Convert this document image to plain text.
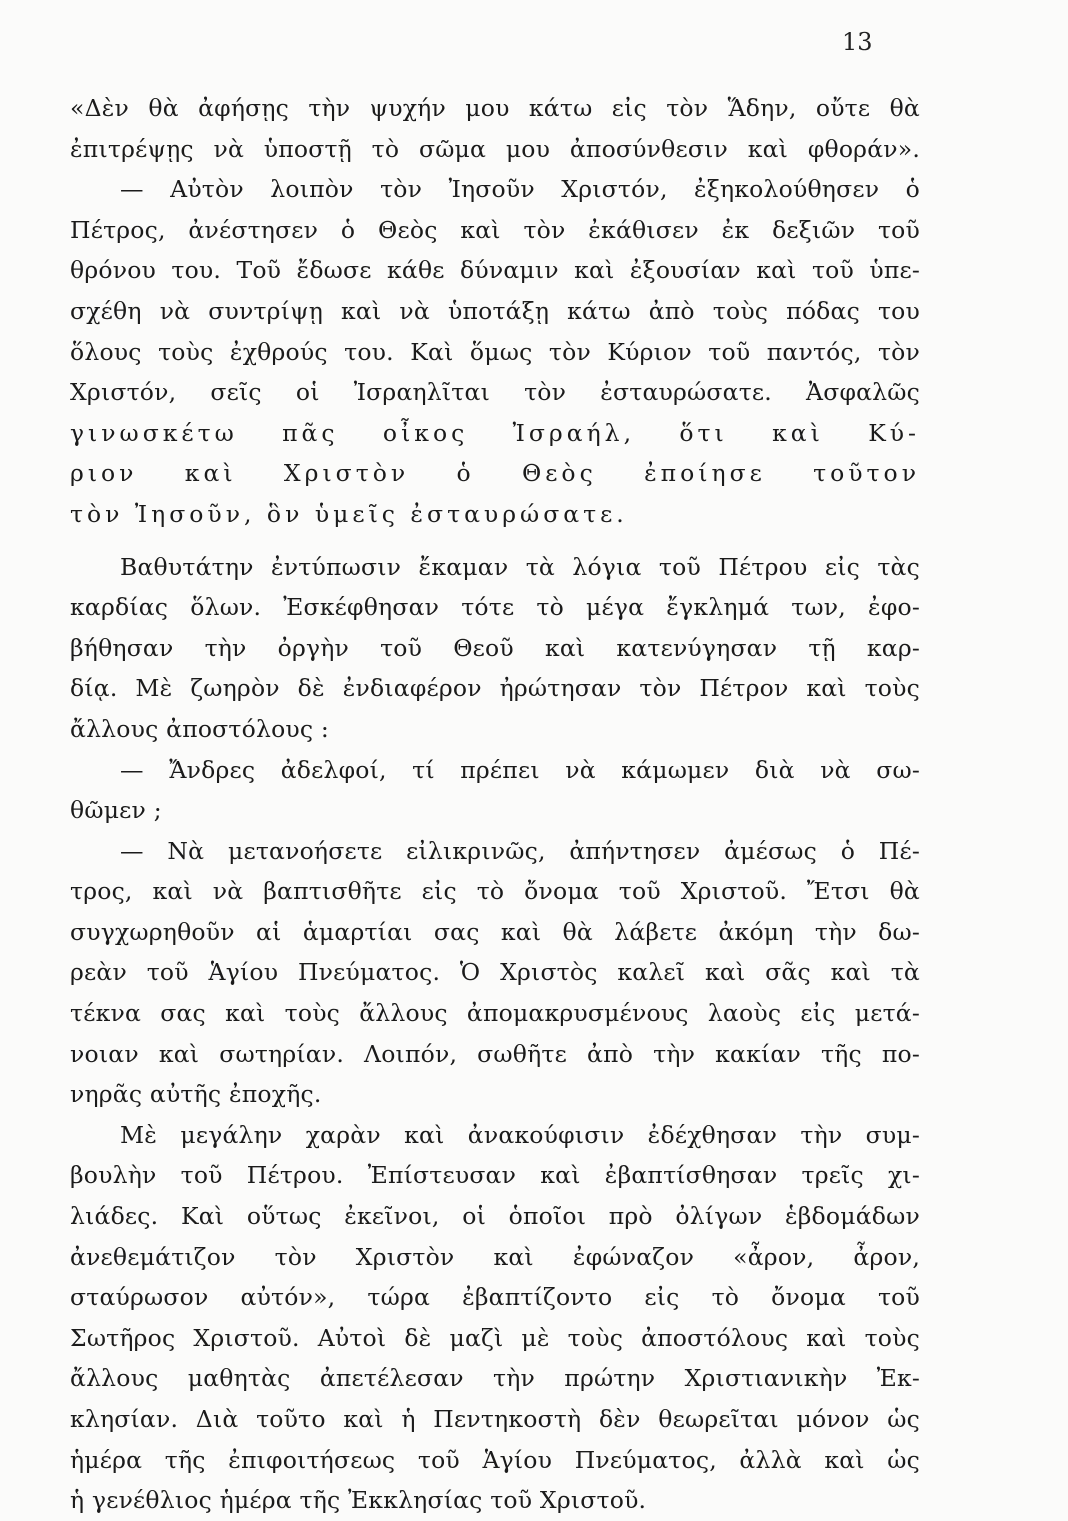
13
«Δὲν θὰ ἀφήσῃς τὴν ψυχήν μου κάτω εἰς τὸν Ἅδην, οὔτε θὰ
ἐπιτρέψῃς νὰ ὑποστῇ τὸ σῶμα μου ἀποσύνθεσιν καὶ φθοράν».
— Αὐτὸν λοιπὸν τὸν Ἰησοῦν Χριστόν, ἐξηκολούθησεν ὁ
Πέτρος, ἀνέστησεν ὁ Θεὸς καὶ τὸν ἐκάθισεν ἐκ δεξιῶν τοῦ
θρόνου του. Τοῦ ἔδωσε κάθε δύναμιν καὶ ἐξουσίαν καὶ τοῦ ὑπε-
σχέθη νὰ συντρίψῃ καὶ νὰ ὑποτάξῃ κάτω ἀπὸ τοὺς πόδας του
ὅλους τοὺς ἐχθρούς του. Καὶ ὅμως τὸν Κύριον τοῦ παντός, τὸν
Χριστόν, σεῖς οἱ Ἰσραηλῖται τὸν ἐσταυρώσατε. Ἀσφαλῶς
γινωσκέτω πᾶς οἶκος Ἰσραήλ, ὅτι καὶ Κύ-
ριον καὶ Χριστὸν ὁ Θεὸς ἐποίησε τοῦτον
τὸν Ἰησοῦν, ὃν ὑμεῖς ἐσταυρώσατε.
Βαθυτάτην ἐντύπωσιν ἔκαμαν τὰ λόγια τοῦ Πέτρου εἰς τὰς
καρδίας ὅλων. Ἐσκέφθησαν τότε τὸ μέγα ἔγκλημά των, ἐφο-
βήθησαν τὴν ὀργὴν τοῦ Θεοῦ καὶ κατενύγησαν τῇ καρ-
δίᾳ. Μὲ ζωηρὸν δὲ ἐνδιαφέρον ἠρώτησαν τὸν Πέτρον καὶ τοὺς
ἄλλους ἀποστόλους :
— Ἄνδρες ἀδελφοί, τί πρέπει νὰ κάμωμεν διὰ νὰ σω-
θῶμεν ;
— Νὰ μετανοήσετε εἰλικρινῶς, ἀπήντησεν ἀμέσως ὁ Πέ-
τρος, καὶ νὰ βαπτισθῆτε εἰς τὸ ὄνομα τοῦ Χριστοῦ. Ἔτσι θὰ
συγχωρηθοῦν αἱ ἁμαρτίαι σας καὶ θὰ λάβετε ἀκόμη τὴν δω-
ρεὰν τοῦ Ἁγίου Πνεύματος. Ὁ Χριστὸς καλεῖ καὶ σᾶς καὶ τὰ
τέκνα σας καὶ τοὺς ἄλλους ἀπομακρυσμένους λαοὺς εἰς μετά-
νοιαν καὶ σωτηρίαν. Λοιπόν, σωθῆτε ἀπὸ τὴν κακίαν τῆς πο-
νηρᾶς αὐτῆς ἐποχῆς.
Μὲ μεγάλην χαρὰν καὶ ἀνακούφισιν ἐδέχθησαν τὴν συμ-
βουλὴν τοῦ Πέτρου. Ἐπίστευσαν καὶ ἐβαπτίσθησαν τρεῖς χι-
λιάδες. Καὶ οὕτως ἐκεῖνοι, οἱ ὁποῖοι πρὸ ὀλίγων ἑβδομάδων
ἀνεθεμάτιζον τὸν Χριστὸν καὶ ἐφώναζον «ἆρον, ἆρον,
σταύρωσον αὐτόν», τώρα ἐβαπτίζοντο εἰς τὸ ὄνομα τοῦ
Σωτῆρος Χριστοῦ. Αὐτοὶ δὲ μαζὶ μὲ τοὺς ἀποστόλους καὶ τοὺς
ἄλλους μαθητὰς ἀπετέλεσαν τὴν πρώτην Χριστιανικὴν Ἐκ-
κλησίαν. Διὰ τοῦτο καὶ ἡ Πεντηκοστὴ δὲν θεωρεῖται μόνον ὡς
ἡμέρα τῆς ἐπιφοιτήσεως τοῦ Ἁγίου Πνεύματος, ἀλλὰ καὶ ὡς
ἡ γενέθλιος ἡμέρα τῆς Ἐκκλησίας τοῦ Χριστοῦ.
